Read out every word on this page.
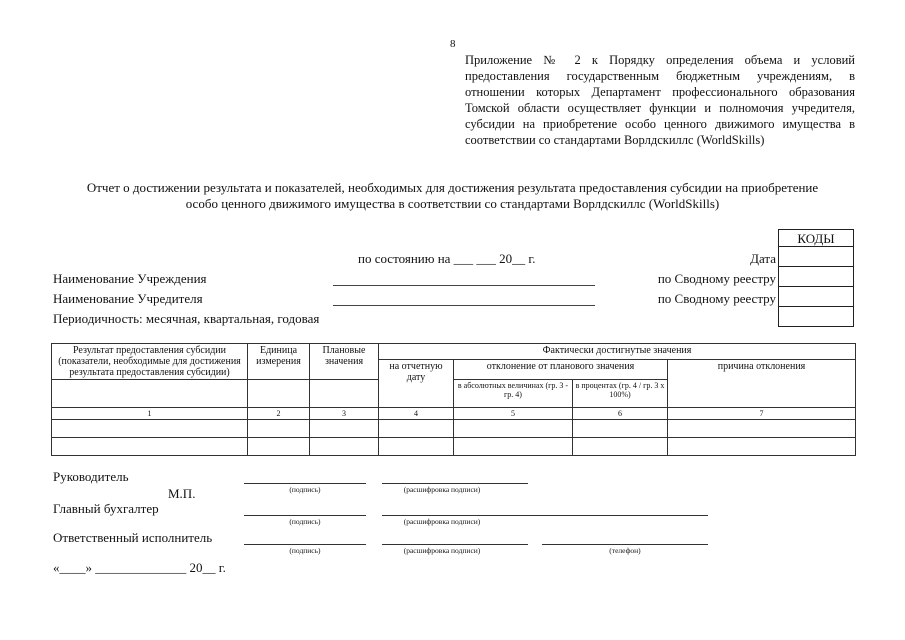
8
Приложение № 2 к Порядку определения объема и условий предоставления государственным бюджетным учреждениям, в отношении которых Департамент профессионального образования Томской области осуществляет функции и полномочия учредителя, субсидии на приобретение особо ценного движимого имущества в соответствии со стандартами Ворлдскиллс (WorldSkills)
Отчет о достижении результата и показателей, необходимых для достижения результата предоставления субсидии на приобретение
особо ценного движимого имущества в соответствии со стандартами Ворлдскиллс (WorldSkills)
КОДЫ
по состоянию на ___ ___ 20__ г.	Дата
Наименование Учреждения	по Сводному реестру
Наименование Учредителя	по Сводному реестру
Периодичность: месячная, квартальная, годовая
Результат предоставления субсидии (показатели, необходимые для достижения результата предоставления субсидии)	Единица измерения	Плановые значения	Фактически достигнутые значения			
			на отчетную дату	отклонение от планового значения		причина отклонения
				в абсолютных величинах (гр. 3 - гр. 4)	в процентах (гр. 4 / гр. 3 x 100%)	
1	2	3	4	5	6	7

Руководитель
М.П.	(подпись)	(расшифровка подписи)
Главный бухгалтер
(подпись)	(расшифровка подписи)
Ответственный исполнитель
(подпись)	(расшифровка подписи)	(телефон)
«____» ______________ 20__ г.
